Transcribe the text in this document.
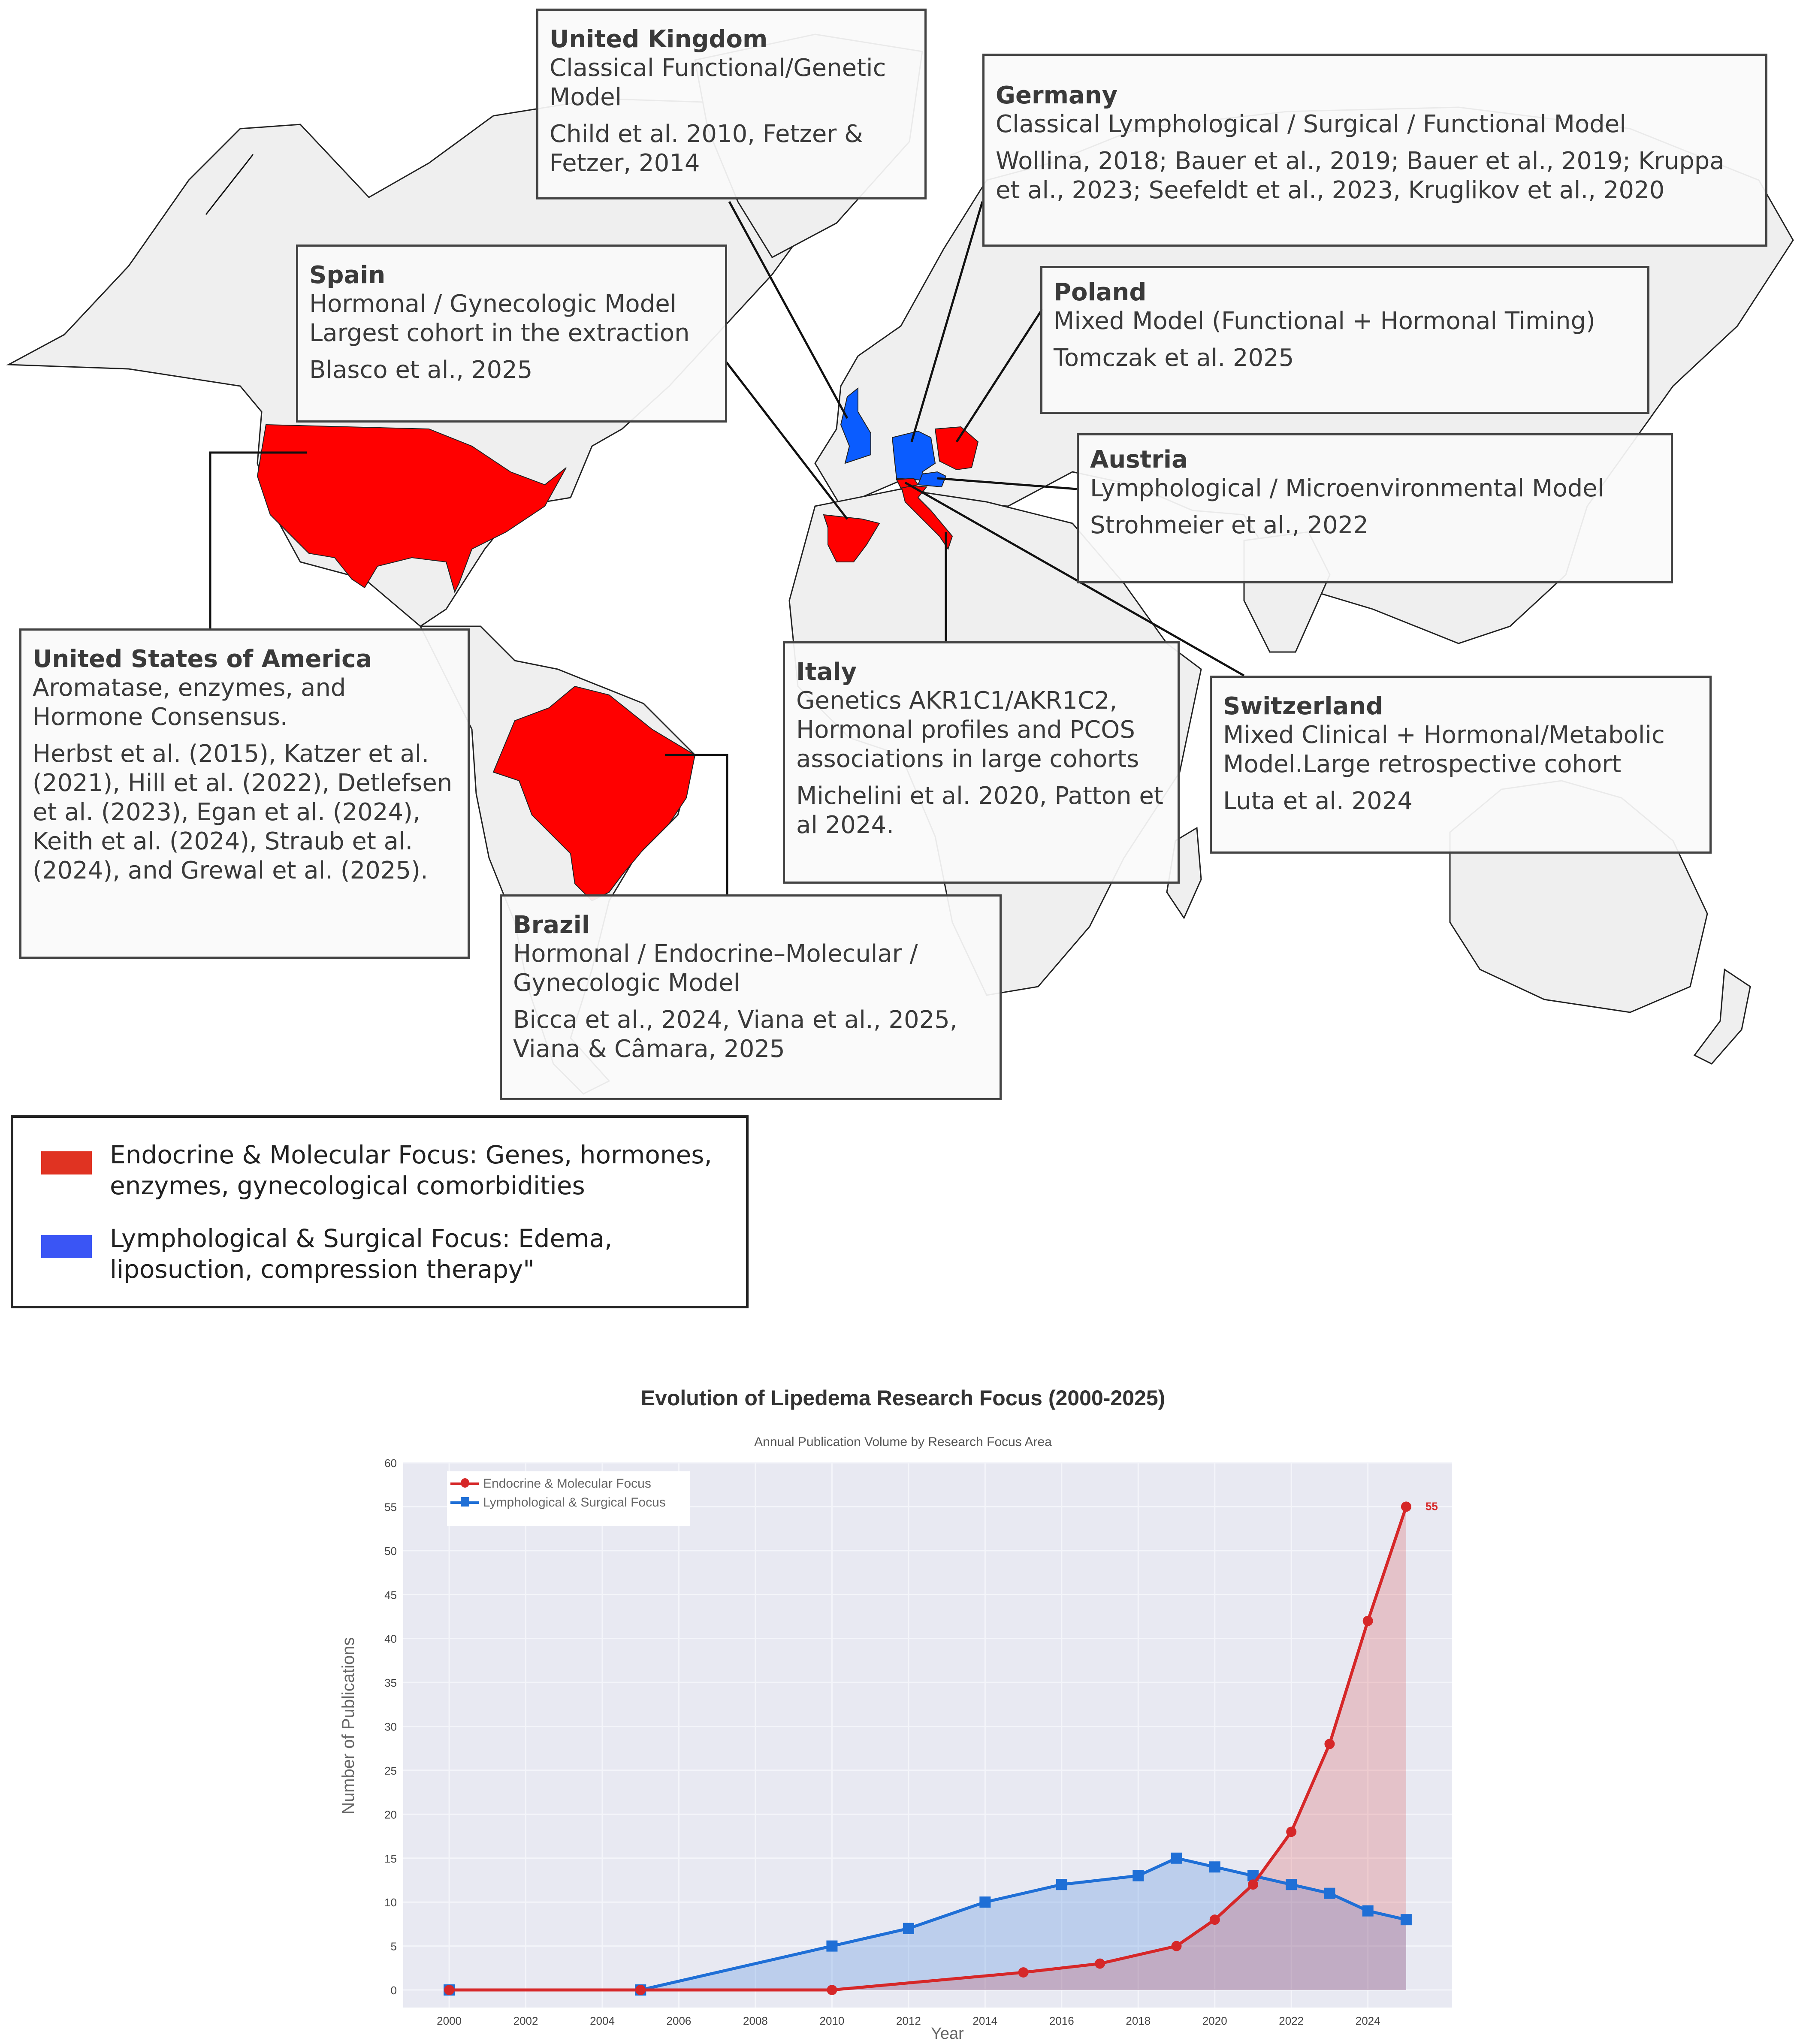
United Kingdom
Classical Functional/Genetic
Model
Child et al. 2010, Fetzer & Fetzer, 2014
Germany
Classical Lymphological / Surgical / Functional Model
Wollina, 2018; Bauer et al., 2019; Bauer et al., 2019; Kruppa et al., 2023; Seefeldt et al., 2023, Kruglikov et al., 2020
Spain
Hormonal / Gynecologic Model
Largest cohort in the extraction
Blasco et al., 2025
Poland
Mixed Model (Functional + Hormonal Timing)
Tomczak et al. 2025
Austria
Lymphological / Microenvironmental Model
Strohmeier et al., 2022
United States of America
Aromatase, enzymes, and
Hormone Consensus.
Herbst et al. (2015), Katzer et al. (2021), Hill et al. (2022), Detlefsen et al. (2023), Egan et al. (2024), Keith et al. (2024), Straub et al. (2024), and Grewal et al. (2025).
Italy
Genetics AKR1C1/AKR1C2,
Hormonal profiles and PCOS
associations in large cohorts
Michelini et al. 2020, Patton et al 2024.
Switzerland
Mixed Clinical + Hormonal/Metabolic
Model.Large retrospective cohort
Luta et al. 2024
Brazil
Hormonal / Endocrine–Molecular /
Gynecologic Model
Bicca et al., 2024, Viana et al., 2025, Viana & Câmara, 2025
Endocrine & Molecular Focus: Genes, hormones, enzymes, gynecological comorbidities
Lymphological & Surgical Focus: Edema, liposuction, compression therapy"
Evolution of Lipedema Research Focus (2000-2025)
Annual Publication Volume by Research Focus Area
0
5
10
15
20
25
30
35
40
45
50
55
60
2000	2002	2004	2006	2008	2010	2012	2014	2016	2018	2020	2022	2024
55
Endocrine & Molecular Focus
Lymphological & Surgical Focus
Number of Publications
Year
